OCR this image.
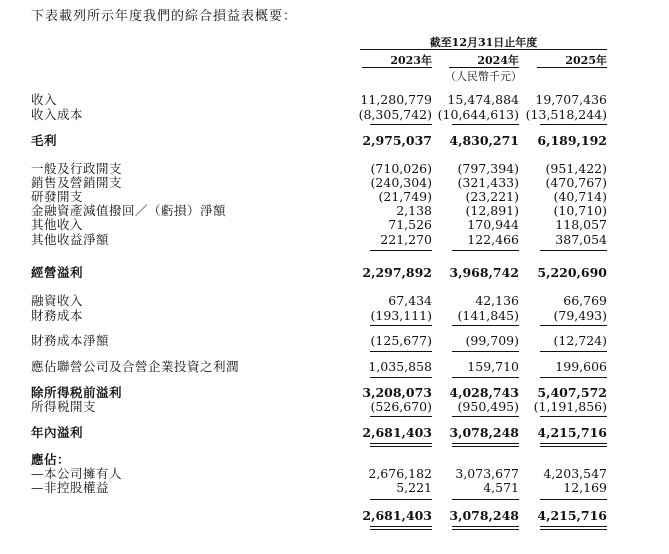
下表載列所示年度我們的綜合損益表概要：
截至12月31日止年度
2023年	2024年	2025年
（人民幣千元）
收入	11,280,779	15,474,884	19,707,436
收入成本	(8,305,742) (10,644,613) (13,518,244)
毛利	2,975,037	4,830,271	6,189,192
一般及行政開支	(710,026)	(797,394)	(951,422)
銷售及營銷開支	(240,304)	(321,433)	(470,767)
研發開支	(21,749)	(23,221)	(40,714)
金融資產減值撥回／（虧損）淨額	2,138	(12,891)	(10,710)
其他收入	71,526	170,944	118,057
其他收益淨額	221,270	122,466	387,054
經營溢利	2,297,892	3,968,742	5,220,690
融資收入	67,434	42,136	66,769
財務成本	(193,111)	(141,845)	(79,493)
財務成本淨額	(125,677)	(99,709)	(12,724)
應佔聯營公司及合營企業投資之利潤	1,035,858	159,710	199,606
除所得税前溢利	3,208,073	4,028,743	5,407,572
所得税開支	(526,670)	(950,495)	(1,191,856)
年內溢利	2,681,403	3,078,248	4,215,716
應佔：
—本公司擁有人	2,676,182	3,073,677	4,203,547
—非控股權益	5,221	4,571	12,169
2,681,403	3,078,248	4,215,716
